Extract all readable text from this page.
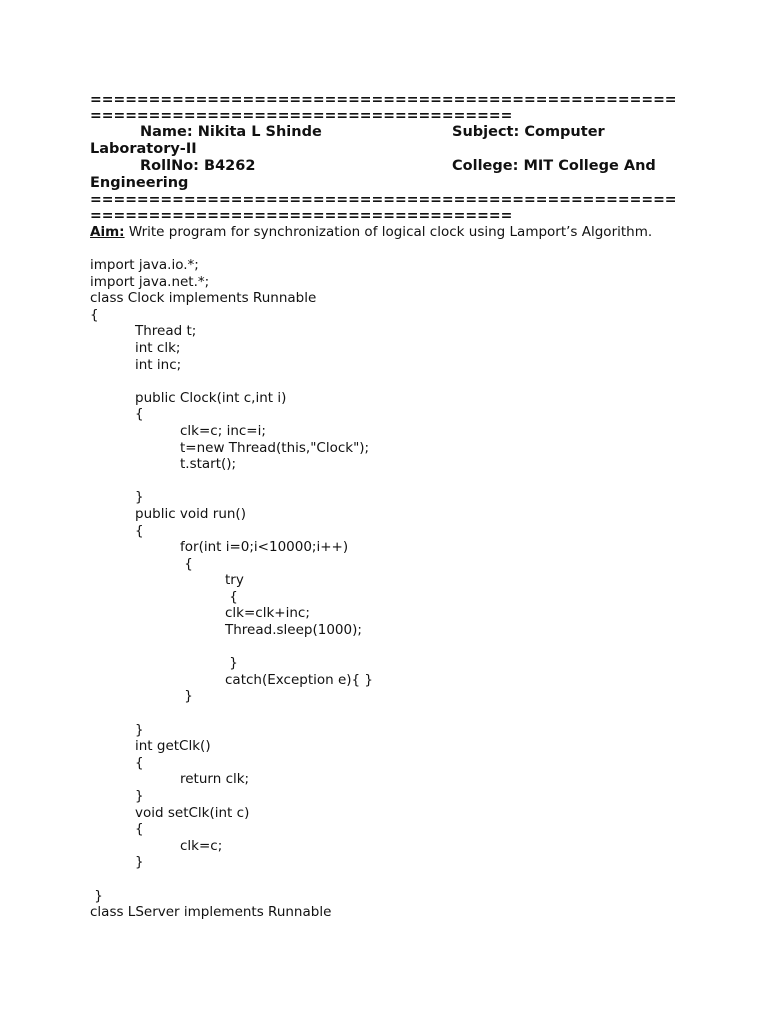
==================================================
====================================
Name: Nikita L Shinde	Subject: Computer
Laboratory-II
RollNo: B4262	College: MIT College And
Engineering
==================================================
====================================
Aim: Write program for synchronization of logical clock using Lamport’s Algorithm.
import java.io.*;
import java.net.*;
class Clock implements Runnable
{
Thread t;
int clk;
int inc;
public Clock(int c,int i)
{
clk=c; inc=i;
t=new Thread(this,"Clock");
t.start();
}
public void run()
{
for(int i=0;i<10000;i++)
{
try
{
clk=clk+inc;
Thread.sleep(1000);
}
catch(Exception e){ }
}
}
int getClk()
{
return clk;
}
void setClk(int c)
{
clk=c;
}
}
class LServer implements Runnable
